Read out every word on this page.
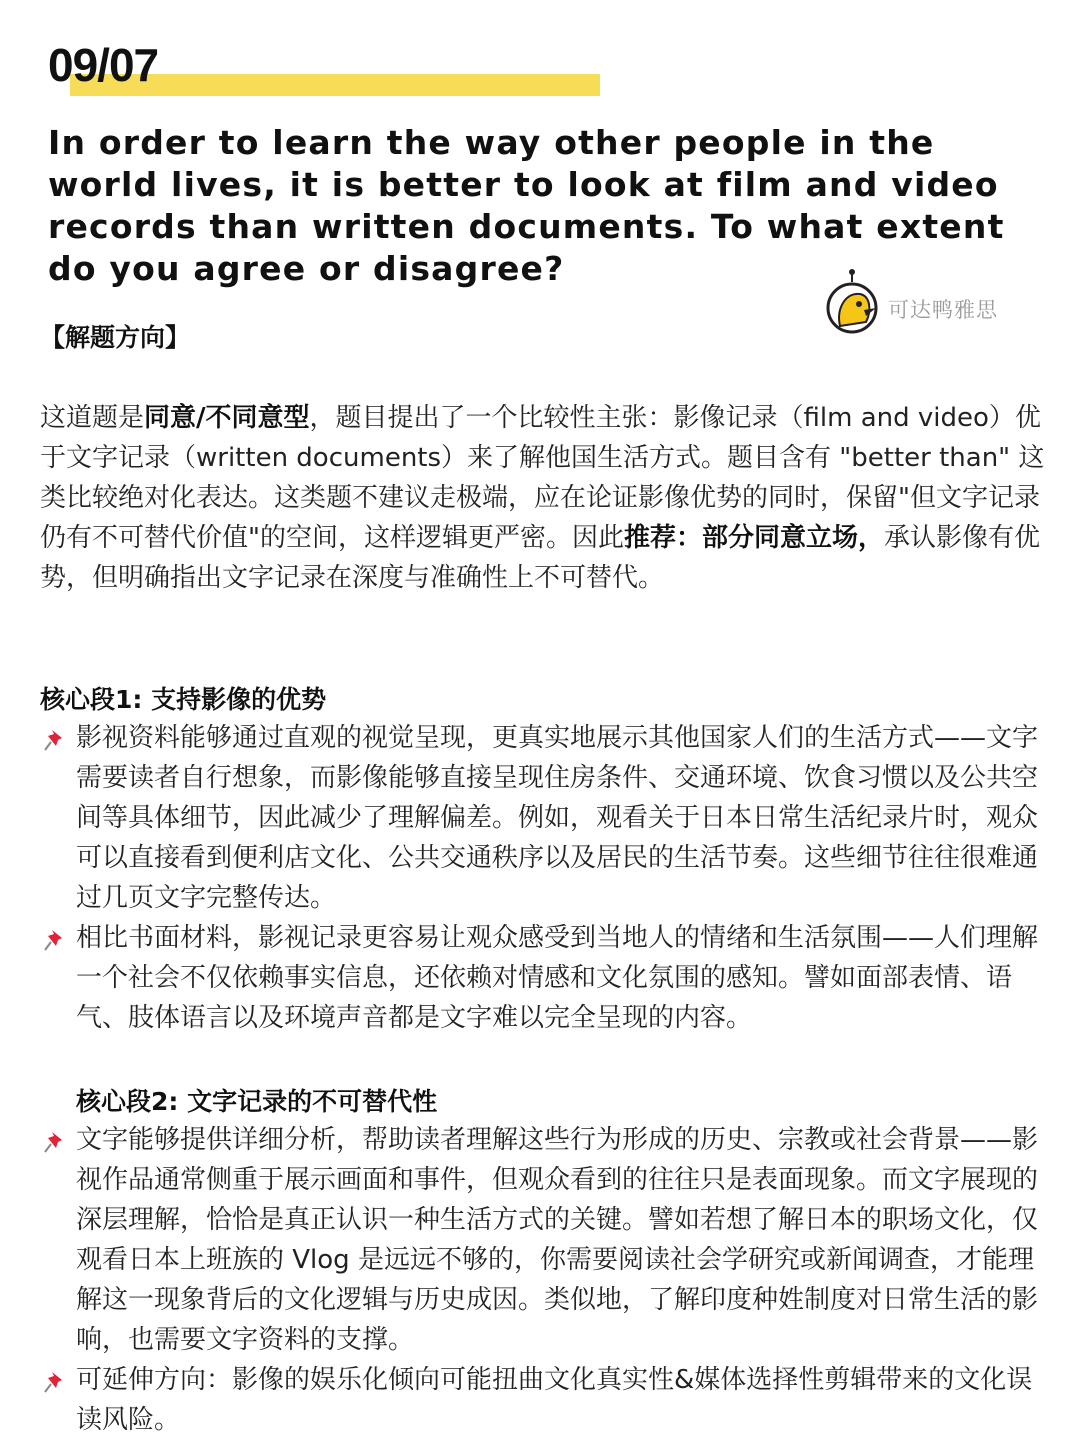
09/07
In order to learn the way other people in the world lives, it is better to look at film and video records than written documents. To what extent do you agree or disagree?
可达鸭雅思
【解题方向】
这道题是同意/不同意型，题目提出了一个比较性主张：影像记录（film and video）优于文字记录（written documents）来了解他国生活方式。题目含有 "better than" 这类比较绝对化表达。这类题不建议走极端，应在论证影像优势的同时，保留"但文字记录仍有不可替代价值"的空间，这样逻辑更严密。因此推荐：部分同意立场，承认影像有优势，但明确指出文字记录在深度与准确性上不可替代。
核心段1: 支持影像的优势
影视资料能够通过直观的视觉呈现，更真实地展示其他国家人们的生活方式——文字需要读者自行想象，而影像能够直接呈现住房条件、交通环境、饮食习惯以及公共空间等具体细节，因此减少了理解偏差。例如，观看关于日本日常生活纪录片时，观众可以直接看到便利店文化、公共交通秩序以及居民的生活节奏。这些细节往往很难通过几页文字完整传达。
相比书面材料，影视记录更容易让观众感受到当地人的情绪和生活氛围——人们理解一个社会不仅依赖事实信息，还依赖对情感和文化氛围的感知。譬如面部表情、语气、肢体语言以及环境声音都是文字难以完全呈现的内容。
核心段2: 文字记录的不可替代性
文字能够提供详细分析，帮助读者理解这些行为形成的历史、宗教或社会背景——影视作品通常侧重于展示画面和事件，但观众看到的往往只是表面现象。而文字展现的深层理解，恰恰是真正认识一种生活方式的关键。譬如若想了解日本的职场文化，仅观看日本上班族的 Vlog 是远远不够的，你需要阅读社会学研究或新闻调查，才能理解这一现象背后的文化逻辑与历史成因。类似地，了解印度种姓制度对日常生活的影响，也需要文字资料的支撑。
可延伸方向：影像的娱乐化倾向可能扭曲文化真实性&媒体选择性剪辑带来的文化误读风险。
